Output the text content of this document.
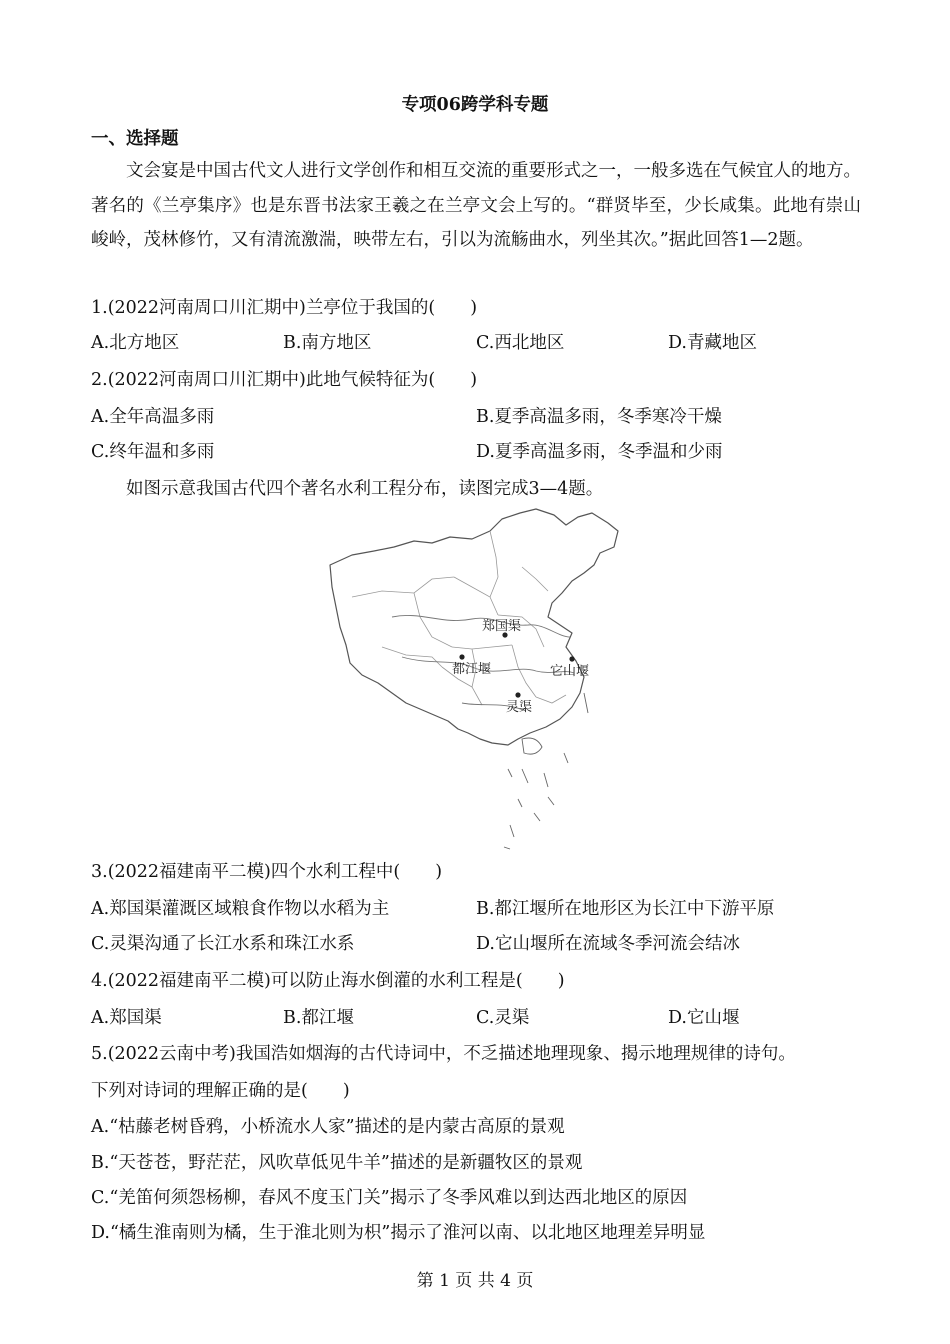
专项06跨学科专题
一、选择题
文会宴是中国古代文人进行文学创作和相互交流的重要形式之一，一般多选在气候宜人的地方。著名的《兰亭集序》也是东晋书法家王羲之在兰亭文会上写的。“群贤毕至，少长咸集。此地有崇山峻岭，茂林修竹，又有清流激湍，映带左右，引以为流觞曲水，列坐其次。”据此回答1—2题。
1.(2022河南周口川汇期中)兰亭位于我国的(　　)
A.北方地区	B.南方地区	C.西北地区	D.青藏地区
2.(2022河南周口川汇期中)此地气候特征为(　　)
A.全年高温多雨	B.夏季高温多雨，冬季寒冷干燥
C.终年温和多雨	D.夏季高温多雨，冬季温和少雨
如图示意我国古代四个著名水利工程分布，读图完成3—4题。
郑国渠
都江堰	它山堰
灵渠
3.(2022福建南平二模)四个水利工程中(　　)
A.郑国渠灌溉区域粮食作物以水稻为主	B.都江堰所在地形区为长江中下游平原
C.灵渠沟通了长江水系和珠江水系	D.它山堰所在流域冬季河流会结冰
4.(2022福建南平二模)可以防止海水倒灌的水利工程是(　　)
A.郑国渠	B.都江堰	C.灵渠	D.它山堰
5.(2022云南中考)我国浩如烟海的古代诗词中，不乏描述地理现象、揭示地理规律的诗句。
下列对诗词的理解正确的是(　　)
A.“枯藤老树昏鸦，小桥流水人家”描述的是内蒙古高原的景观
B.“天苍苍，野茫茫，风吹草低见牛羊”描述的是新疆牧区的景观
C.“羌笛何须怨杨柳，春风不度玉门关”揭示了冬季风难以到达西北地区的原因
D.“橘生淮南则为橘，生于淮北则为枳”揭示了淮河以南、以北地区地理差异明显
第 1 页 共 4 页
